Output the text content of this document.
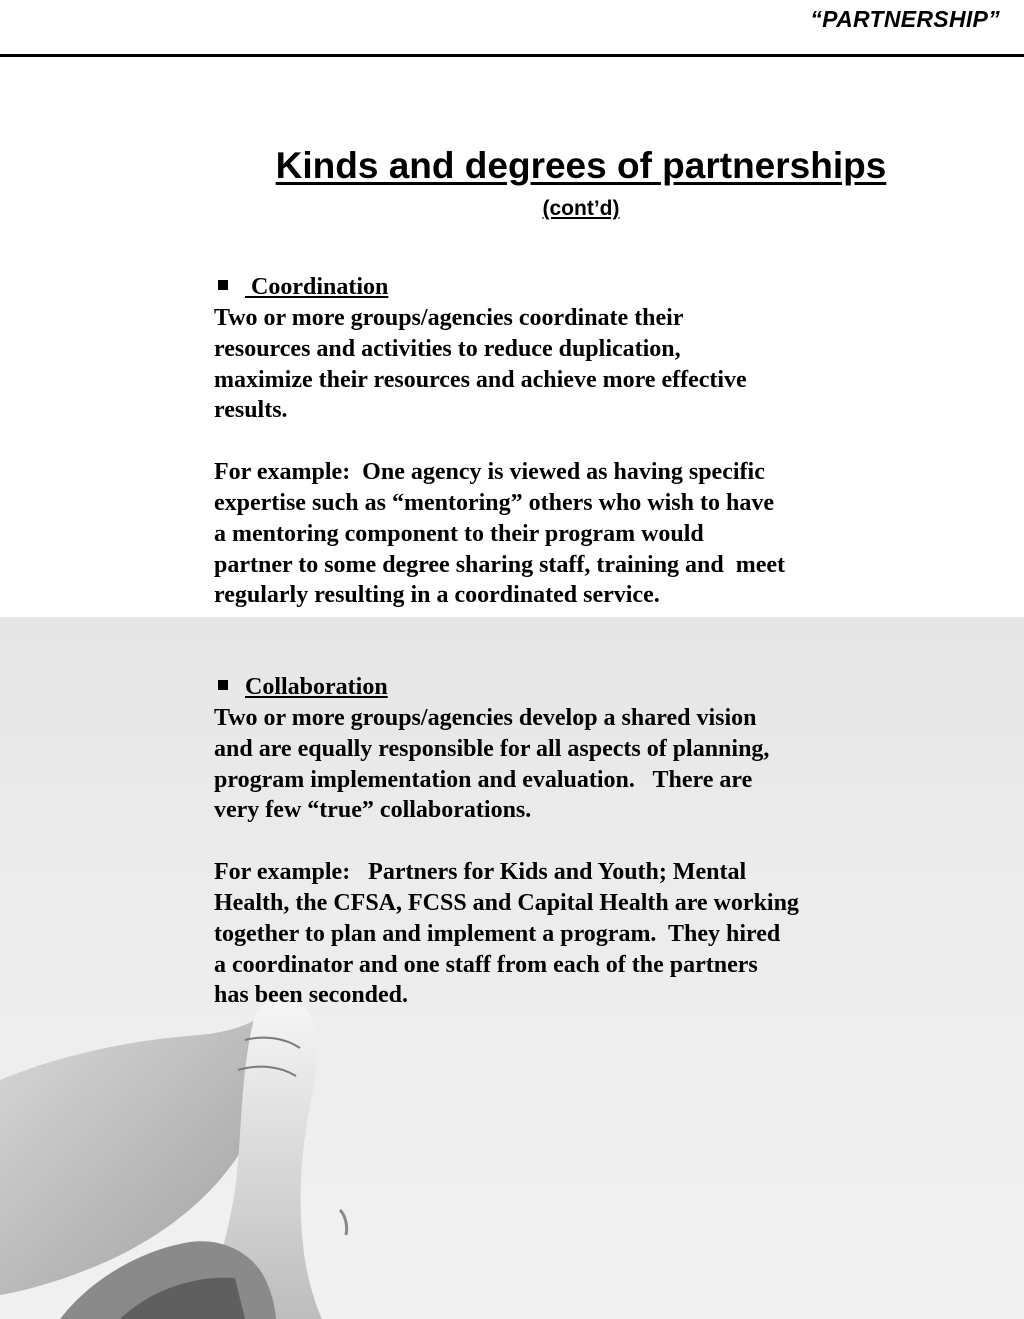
“PARTNERSHIP”
Kinds and degrees of partnerships
(cont’d)
Coordination

Two or more groups/agencies coordinate their
resources and activities to reduce duplication,
maximize their resources and achieve more effective
results.

For example:  One agency is viewed as having specific
expertise such as “mentoring” others who wish to have
a mentoring component to their program would
partner to some degree sharing staff, training and  meet
regularly resulting in a coordinated service.

Collaboration

Two or more groups/agencies develop a shared vision
and are equally responsible for all aspects of planning,
program implementation and evaluation.   There are
very few “true” collaborations.

For example:   Partners for Kids and Youth; Mental
Health, the CFSA, FCSS and Capital Health are working
together to plan and implement a program.  They hired
a coordinator and one staff from each of the partners
has been seconded.
